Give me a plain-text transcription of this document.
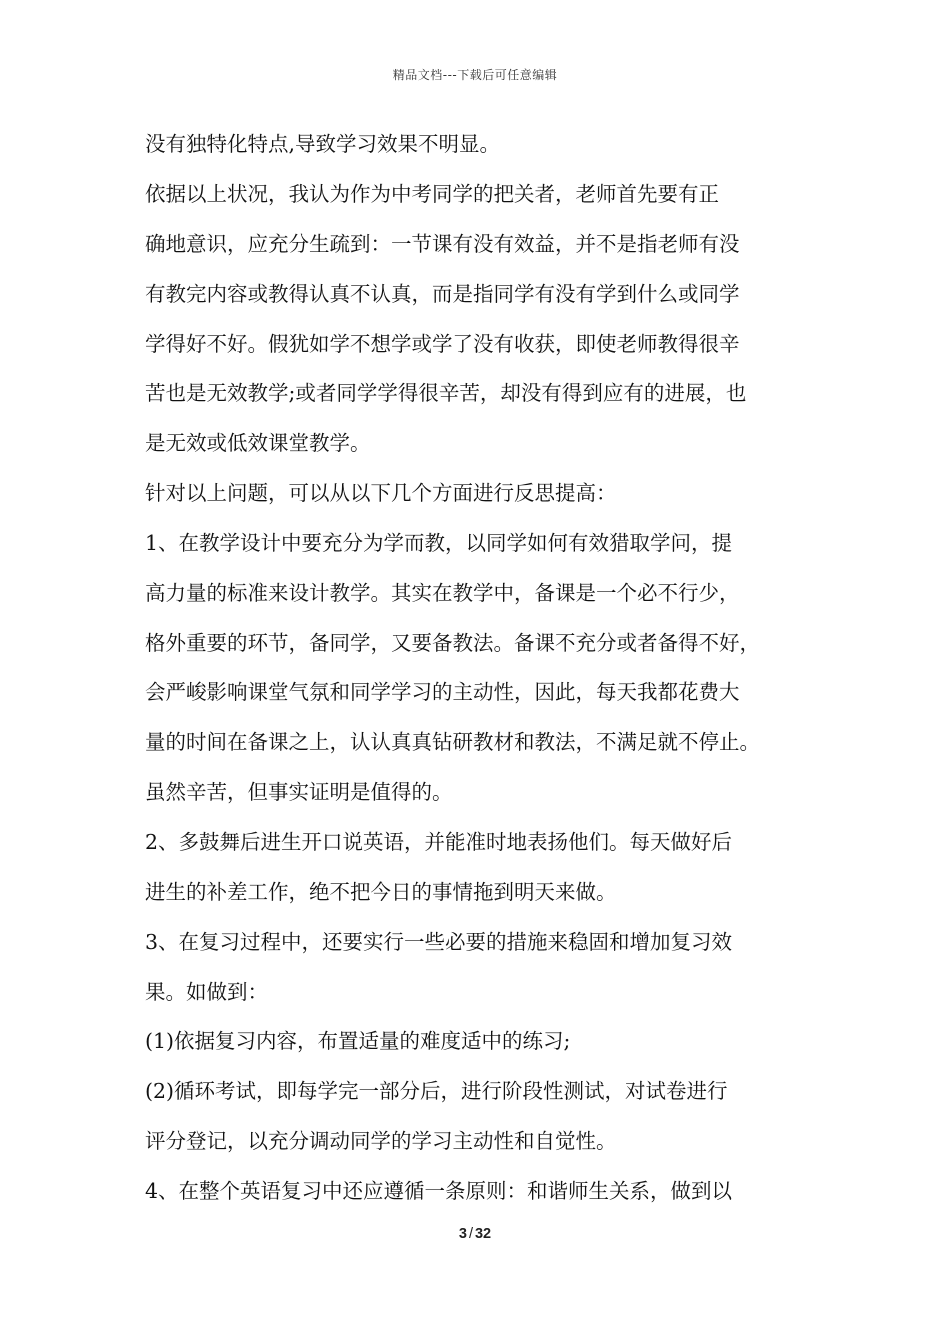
精品文档---下载后可任意编辑
没有独特化特点,导致学习效果不明显。
依据以上状况，我认为作为中考同学的把关者，老师首先要有正
确地意识，应充分生疏到：一节课有没有效益，并不是指老师有没
有教完内容或教得认真不认真，而是指同学有没有学到什么或同学
学得好不好。假犹如学不想学或学了没有收获，即使老师教得很辛
苦也是无效教学;或者同学学得很辛苦，却没有得到应有的进展，也
是无效或低效课堂教学。
针对以上问题，可以从以下几个方面进行反思提高：
1、在教学设计中要充分为学而教，以同学如何有效猎取学问，提
高力量的标准来设计教学。其实在教学中，备课是一个必不行少，
格外重要的环节，备同学，又要备教法。备课不充分或者备得不好，
会严峻影响课堂气氛和同学学习的主动性，因此，每天我都花费大
量的时间在备课之上，认认真真钻研教材和教法，不满足就不停止。
虽然辛苦，但事实证明是值得的。
2、多鼓舞后进生开口说英语，并能准时地表扬他们。每天做好后
进生的补差工作，绝不把今日的事情拖到明天来做。
3、在复习过程中，还要实行一些必要的措施来稳固和增加复习效
果。如做到：
(1)依据复习内容，布置适量的难度适中的练习;
(2)循环考试，即每学完一部分后，进行阶段性测试，对试卷进行
评分登记，以充分调动同学的学习主动性和自觉性。
4、在整个英语复习中还应遵循一条原则：和谐师生关系，做到以
3 / 32
